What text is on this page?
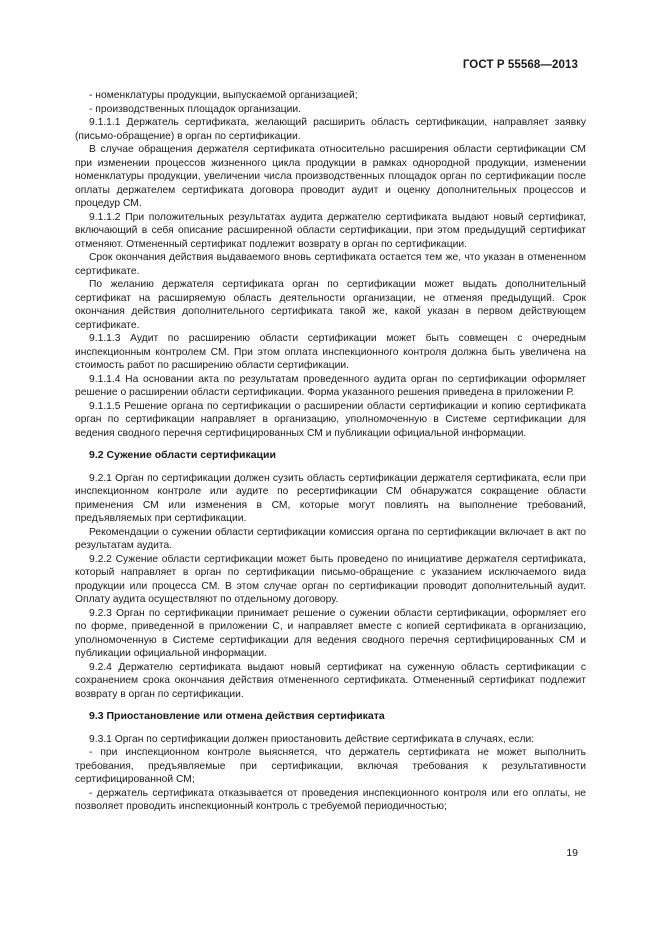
ГОСТ Р 55568—2013

- номенклатуры продукции, выпускаемой организацией;

- производственных площадок организации.

9.1.1.1 Держатель сертификата, желающий расширить область сертификации, направляет заявку (письмо-обращение) в орган по сертификации.

В случае обращения держателя сертификата относительно расширения области сертификации СМ при изменении процессов жизненного цикла продукции в рамках однородной продукции, изменении номенклатуры продукции, увеличении числа производственных площадок орган по сертификации после оплаты держателем сертификата договора проводит аудит и оценку дополнительных процессов и процедур СМ.

9.1.1.2 При положительных результатах аудита держателю сертификата выдают новый сертификат, включающий в себя описание расширенной области сертификации, при этом предыдущий сертификат отменяют. Отмененный сертификат подлежит возврату в орган по сертификации.

Срок окончания действия выдаваемого вновь сертификата остается тем же, что указан в отмененном сертификате.

По желанию держателя сертификата орган по сертификации может выдать дополнительный сертификат на расширяемую область деятельности организации, не отменяя предыдущий. Срок окончания действия дополнительного сертификата такой же, какой указан в первом действующем сертификате.

9.1.1.3 Аудит по расширению области сертификации может быть совмещен с очередным инспекционным контролем СМ. При этом оплата инспекционного контроля должна быть увеличена на стоимость работ по расширению области сертификации.

9.1.1.4 На основании акта по результатам проведенного аудита орган по сертификации оформляет решение о расширении области сертификации. Форма указанного решения приведена в приложении Р.

9.1.1.5 Решение органа по сертификации о расширении области сертификации и копию сертификата орган по сертификации направляет в организацию, уполномоченную в Системе сертификации для ведения сводного перечня сертифицированных СМ и публикации официальной информации.

9.2 Сужение области сертификации

9.2.1 Орган по сертификации должен сузить область сертификации держателя сертификата, если при инспекционном контроле или аудите по ресертификации СМ обнаружатся сокращение области применения СМ или изменения в СМ, которые могут повлиять на выполнение требований, предъявляемых при сертификации.

Рекомендации о сужении области сертификации комиссия органа по сертификации включает в акт по результатам аудита.

9.2.2 Сужение области сертификации может быть проведено по инициативе держателя сертификата, который направляет в орган по сертификации письмо-обращение с указанием исключаемого вида продукции или процесса СМ. В этом случае орган по сертификации проводит дополнительный аудит. Оплату аудита осуществляют по отдельному договору.

9.2.3 Орган по сертификации принимает решение о сужении области сертификации, оформляет его по форме, приведенной в приложении С, и направляет вместе с копией сертификата в организацию, уполномоченную в Системе сертификации для ведения сводного перечня сертифицированных СМ и публикации официальной информации.

9.2.4 Держателю сертификата выдают новый сертификат на суженную область сертификации с сохранением срока окончания действия отмененного сертификата. Отмененный сертификат подлежит возврату в орган по сертификации.

9.3 Приостановление или отмена действия сертификата

9.3.1 Орган по сертификации должен приостановить действие сертификата в случаях, если:

- при инспекционном контроле выясняется, что держатель сертификата не может выполнить требования, предъявляемые при сертификации, включая требования к результативности сертифицированной СМ;

- держатель сертификата отказывается от проведения инспекционного контроля или его оплаты, не позволяет проводить инспекционный контроль с требуемой периодичностью;

19
